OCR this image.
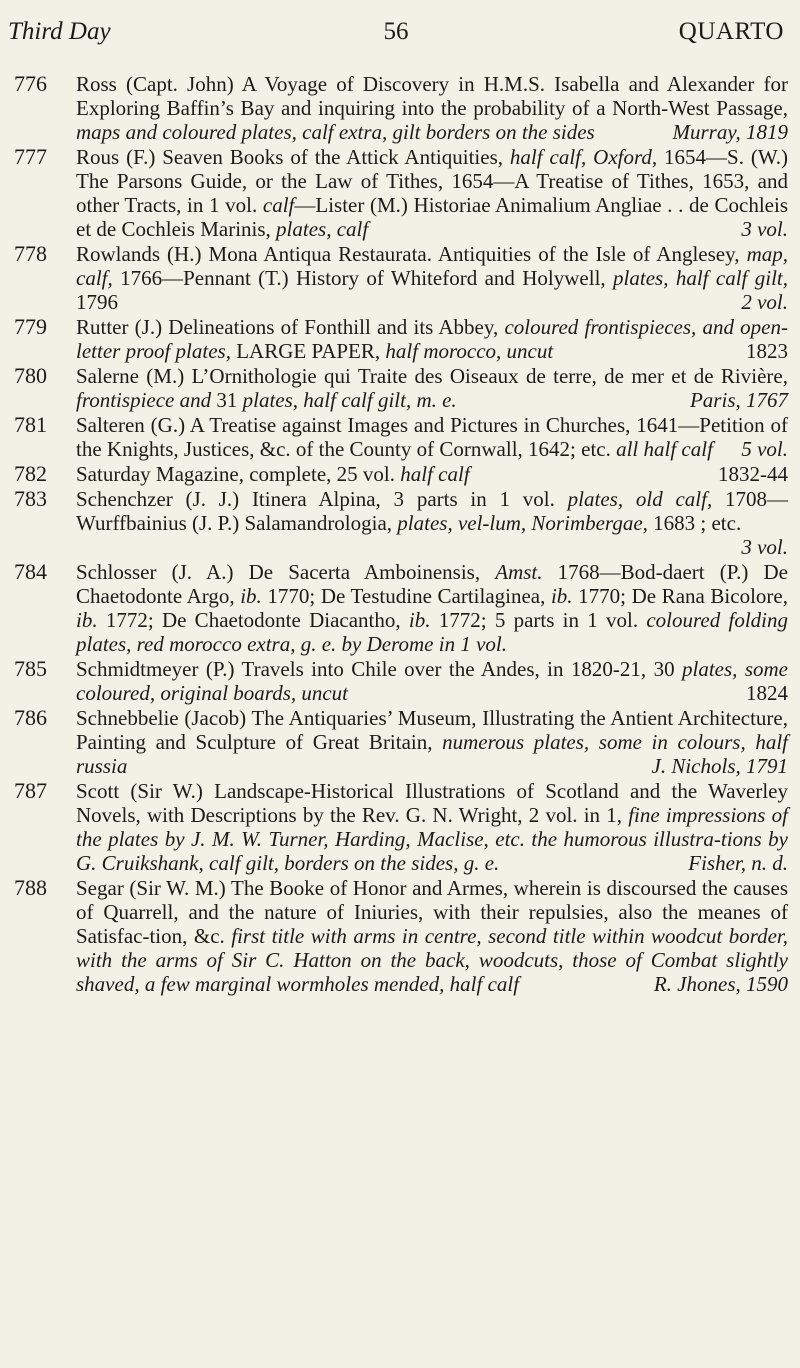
Third Day	56	QUARTO
776 Ross (Capt. John) A Voyage of Discovery in H.M.S. Isabella and Alexander for Exploring Baffin’s Bay and inquiring into the probability of a North-West Passage, maps and coloured plates, calf extra, gilt borders on the sides	Murray, 1819
777 Rous (F.) Seaven Books of the Attick Antiquities, half calf, Oxford, 1654—S. (W.) The Parsons Guide, or the Law of Tithes, 1654—A Treatise of Tithes, 1653, and other Tracts, in 1 vol. calf—Lister (M.) Historiae Animalium Angliae . . de Cochleis et de Cochleis Marinis, plates, calf	3 vol.
778 Rowlands (H.) Mona Antiqua Restaurata. Antiquities of the Isle of Anglesey, map, calf, 1766—Pennant (T.) History of Whiteford and Holywell, plates, half calf gilt, 1796	2 vol.
779 Rutter (J.) Delineations of Fonthill and its Abbey, coloured frontispieces, and open-letter proof plates, LARGE PAPER, half morocco, uncut	1823
780 Salerne (M.) L’Ornithologie qui Traite des Oiseaux de terre, de mer et de Rivière, frontispiece and 31 plates, half calf gilt, m. e.	Paris, 1767
781 Salteren (G.) A Treatise against Images and Pictures in Churches, 1641—Petition of the Knights, Justices, &c. of the County of Cornwall, 1642; etc. all half calf 5 vol.
782 Saturday Magazine, complete, 25 vol. half calf	1832-44
783 Schenchzer (J. J.) Itinera Alpina, 3 parts in 1 vol. plates, old calf, 1708—Wurffbainius (J. P.) Salamandrologia, plates, vel-lum, Norimbergae, 1683 ; etc.
3 vol.
784 Schlosser (J. A.) De Sacerta Amboinensis, Amst. 1768—Bod-daert (P.) De Chaetodonte Argo, ib. 1770; De Testudine Cartilaginea, ib. 1770; De Rana Bicolore, ib. 1772; De Chaetodonte Diacantho, ib. 1772; 5 parts in 1 vol. coloured folding plates, red morocco extra, g. e. by Derome in 1 vol.
785 Schmidtmeyer (P.) Travels into Chile over the Andes, in 1820-21, 30 plates, some coloured, original boards, uncut	1824
786 Schnebbelie (Jacob) The Antiquaries’ Museum, Illustrating the Antient Architecture, Painting and Sculpture of Great Britain, numerous plates, some in colours, half russia	J. Nichols, 1791
787 Scott (Sir W.) Landscape-Historical Illustrations of Scotland and the Waverley Novels, with Descriptions by the Rev. G. N. Wright, 2 vol. in 1, fine impressions of the plates by J. M. W. Turner, Harding, Maclise, etc. the humorous illustra-tions by G. Cruikshank, calf gilt, borders on the sides, g. e.	Fisher, n. d.
788 Segar (Sir W. M.) The Booke of Honor and Armes, wherein is discoursed the causes of Quarrell, and the nature of Iniuries, with their repulsies, also the meanes of Satisfac-tion, &c. first title with arms in centre, second title within woodcut border, with the arms of Sir C. Hatton on the back, woodcuts, those of Combat slightly shaved, a few marginal wormholes mended, half calf	R. Jhones, 1590
